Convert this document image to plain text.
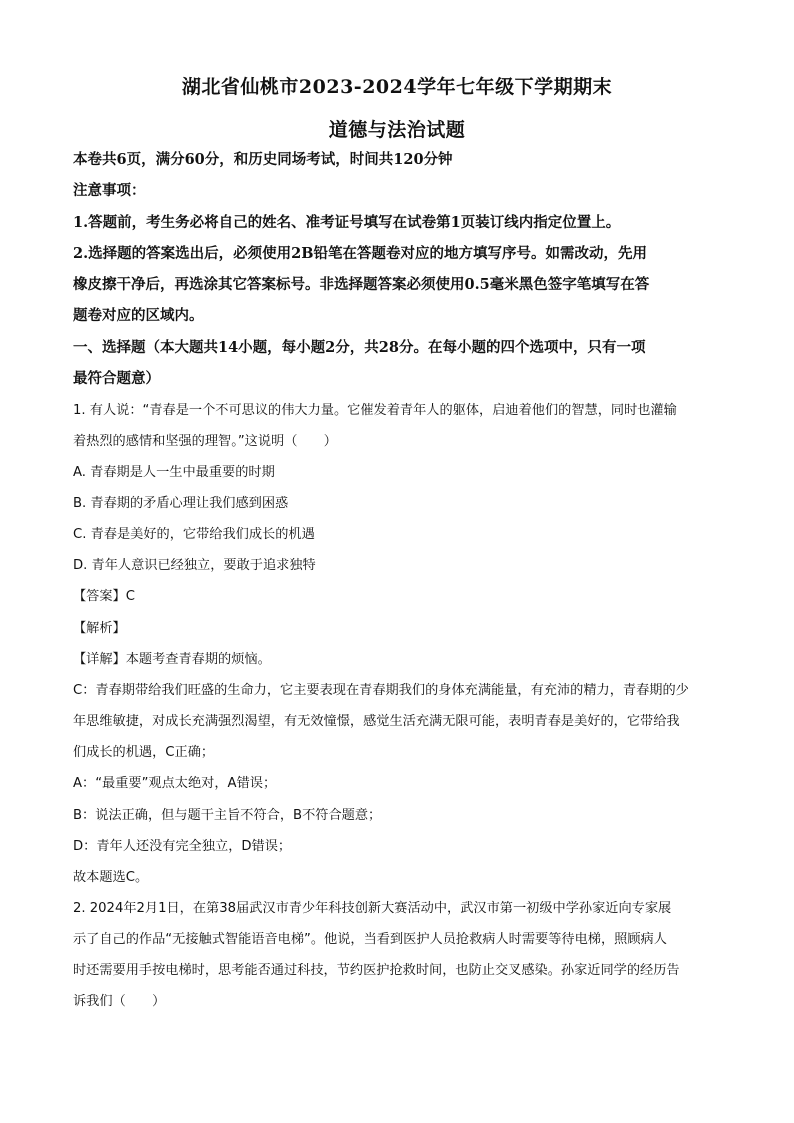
湖北省仙桃市2023-2024学年七年级下学期期末
道德与法治试题
本卷共6页，满分60分，和历史同场考试，时间共120分钟
注意事项：
1.答题前，考生务必将自己的姓名、准考证号填写在试卷第1页装订线内指定位置上。
2.选择题的答案选出后，必须使用2B铅笔在答题卷对应的地方填写序号。如需改动，先用
橡皮擦干净后，再选涂其它答案标号。非选择题答案必须使用0.5毫米黑色签字笔填写在答
题卷对应的区域内。
一、选择题（本大题共14小题，每小题2分，共28分。在每小题的四个选项中，只有一项
最符合题意）
1. 有人说：“青春是一个不可思议的伟大力量。它催发着青年人的躯体，启迪着他们的智慧，同时也灌输
着热烈的感情和坚强的理智。”这说明（　　）
A. 青春期是人一生中最重要的时期
B. 青春期的矛盾心理让我们感到困惑
C. 青春是美好的，它带给我们成长的机遇
D. 青年人意识已经独立，要敢于追求独特
【答案】C
【解析】
【详解】本题考查青春期的烦恼。
C：青春期带给我们旺盛的生命力，它主要表现在青春期我们的身体充满能量，有充沛的精力，青春期的少
年思维敏捷，对成长充满强烈渴望，有无效憧憬，感觉生活充满无限可能，表明青春是美好的，它带给我
们成长的机遇，C正确；
A：“最重要”观点太绝对，A错误；
B：说法正确，但与题干主旨不符合，B不符合题意；
D：青年人还没有完全独立，D错误；
故本题选C。
2. 2024年2月1日，在第38届武汉市青少年科技创新大赛活动中，武汉市第一初级中学孙家近向专家展
示了自己的作品“无接触式智能语音电梯”。他说，当看到医护人员抢救病人时需要等待电梯，照顾病人
时还需要用手按电梯时，思考能否通过科技，节约医护抢救时间，也防止交叉感染。孙家近同学的经历告
诉我们（　　）
